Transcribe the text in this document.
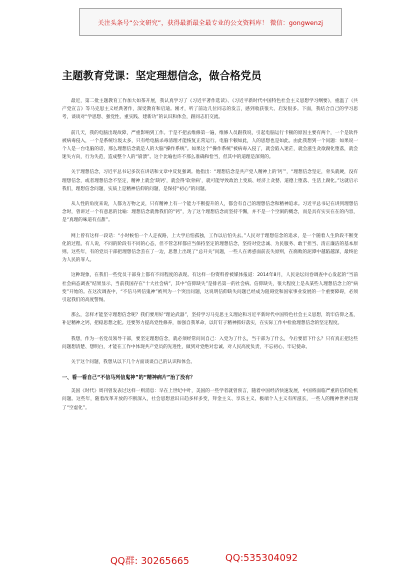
关注头条号“公文研究”，获得最新最全最专业的公文资料库！ 微信：gongwenzj
主题教育党课：坚定理想信念，做合格党员

最近，第二批主题教育工作加大如茶开展，我认真学习了《习近平著作选读》、《习近平新时代中国特色社会主义思想学习纲要》，重温了《共产党宣言》等马克思主义经典著作，深受教育和启迪。刚才，听了前边几位同志的发言，感到收获很大、启发很多。下面，我结合自己的学习思考，谈谈对“学思想、强党性、重实践、建新功”的认识和体会，跟同志们交流。

前几天，我的电脑出现故障，严重影响到工作。于是不把去维修第一遍，维修人员跟我说，引起电脑运行卡顿的原因主要有两个，一个是软件被病毒侵入，一个是系统垃圾太多，只有给电脑杀毒清理才能恢复正常运行。电脑卡顿如此，人的思想也是如此。由此我想到一个问题：如果说一个人是一台电脑的话，那么理想信念就是人的大脑“操作系统”。如果这个“操作系统”被病毒入侵了，就会陷入迷茫，就会滋生贪欲腐化堕落，就会迷失方向，行为失范，造成整个人的“崩溃”。这个比喻也许不那么准确和恰当，但其中的道理是深刻的。

关于理想信念，习近平总书记多次在讲话和文章中反复强调。他指出：“理想信念是共产党人精神上的‘钙’”，“理想信念坚定，骨头就硬，没有理想信念，或者理想信念不坚定，精神上就会‘缺钙’，就会得‘软骨病’，就可能导致政治上变质、经济上贪婪、道德上堕落、生活上腐化。”这就启示我们，理想信念问题，实质上是精神信仰的问题，是保持“初心”的问题。

从人性的角度来说，人都为万物之灵，只有精神上有一个能力不断提升的人，都会有自己的理想信念和精神追求。习近平总书记在讲到理想信念时，曾讲过一个有意思的比喻：理想信念就像我们的“钙”，为了这个理想信念而坚持不懈，并不是一个空洞的概念，而是具有实实在在的内容，是“真理的味道有点甜”。

网上曾有这样一段话：“小时候怕一个人走夜路，上大学后怕孤独，工作以后怕失去。”人民对于理想信念的追求，是一个随着人生阶段不断变化的过程。有人说，不同的阶段有不同的心态，但不管怎样都应当保持坚定的理想信念，坚持对党忠诚、为民服务、敢于担当、清正廉洁的基本原则。这些年，有的党员干部把理想信念丢在了一边，思想上出现了“总开关”问题，一些人在诱惑面前丧失原则，在腐败的泥潭中越陷越深，最终沦为人民的罪人。

这种现象，在我们一些党员干部身上都有不同程度的表现。有这样一份资料曾被媒体报道：2014年8月，人民论坛问卷调查中心发起的“当前社会病态调查”结果显示，当前我国存在“十大社会病”，其中“信仰缺失”是排名第一的社会病。信仰缺失，很大程度上是从某些人理想信念上的“病变”开始的。在这次调查中，“不信马列信鬼神”被列为一个突出问题，这说明信仰缺失问题已经成为阻碍党和国家事业发展的一个重要障碍，必须引起我们的高度警惕。

那么，怎样才能坚守理想信念呢？我们要用好“理论武器”，坚持学习马克思主义理论和习近平新时代中国特色社会主义思想，筑牢信仰之基，补足精神之钙，把稳思想之舵。还要努力提高党性修养，加强自我革命，以钉钉子精神抓好落实，在实际工作中检验理想信念的坚定程度。

我想，作为一名党员领导干部，要坚定理想信念，就必须经常问问自己：入党为了什么，当干部为了什么，今后要留下什么？只有真正把这些问题想清楚、想明白，才能在工作中体现共产党员的先进性，做到对党绝对忠诚、对人民高度负责，不忘初心、牢记使命。

关于这个问题，我想从以下几个方面谈谈自己的认识和体会。

一、看一看自己“不信马列信鬼神”的“精神病片”治了没有？

美国《时代》周刊曾发表过这样一则消息：早在上世纪中叶，美国的一些学者就曾预言，随着中国经济快速发展，中国将面临严重的信仰危机问题。这些年，随着改革开放的不断深入，社会思想意识日趋多样多变，拜金主义、享乐主义、极端个人主义有所滋长，一些人的精神世界出现了“空虚化”。

QQ群: 30265665	QQ:535304092
